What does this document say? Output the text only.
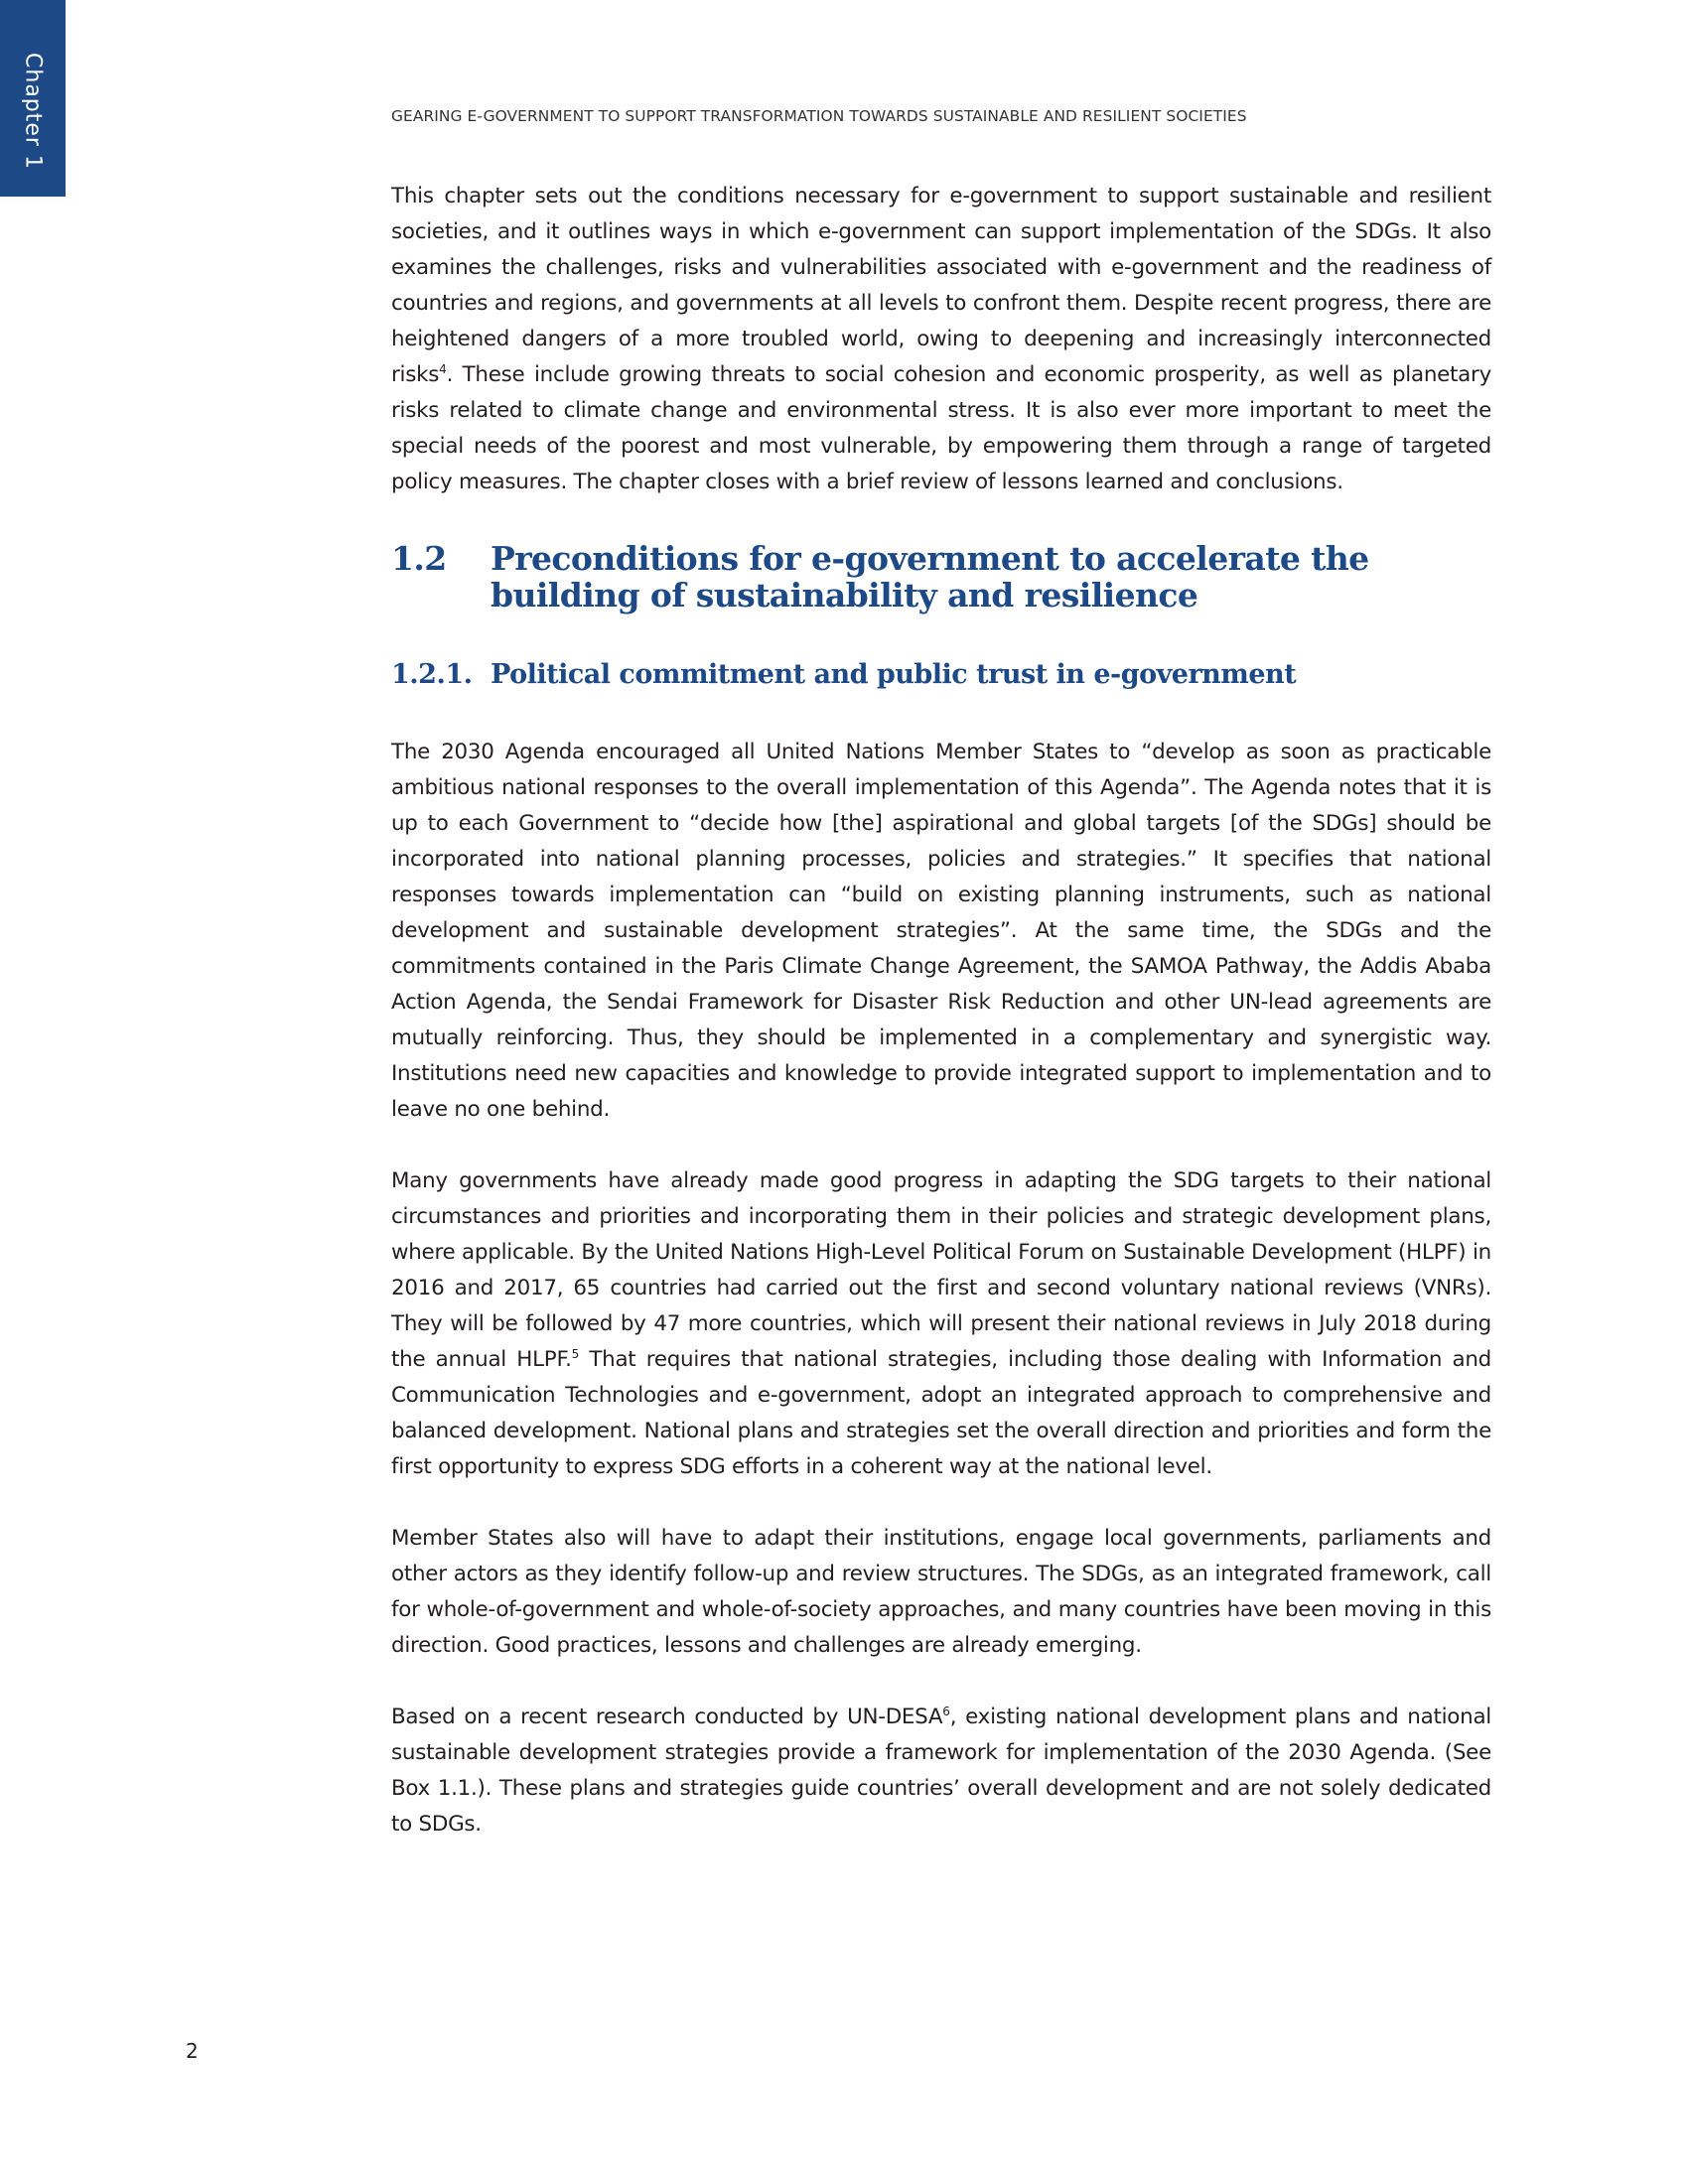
Chapter 1	GEARING E-GOVERNMENT TO SUPPORT TRANSFORMATION TOWARDS SUSTAINABLE AND RESILIENT SOCIETIES

This chapter sets out the conditions necessary for e-government to support sustainable and resilient societies, and it outlines ways in which e-government can support implementation of the SDGs. It also examines the challenges, risks and vulnerabilities associated with e-government and the readiness of countries and regions, and governments at all levels to confront them. Despite recent progress, there are heightened dangers of a more troubled world, owing to deepening and increasingly interconnected risks$^4$. These include growing threats to social cohesion and economic prosperity, as well as planetary risks related to climate change and environmental stress. It is also ever more important to meet the special needs of the poorest and most vulnerable, by empowering them through a range of targeted policy measures. The chapter closes with a brief review of lessons learned and conclusions.

1.2	Preconditions for e-government to accelerate the building of sustainability and resilience
1.2.1. Political commitment and public trust in e-government

The 2030 Agenda encouraged all United Nations Member States to “develop as soon as practicable ambitious national responses to the overall implementation of this Agenda”. The Agenda notes that it is up to each Government to “decide how [the] aspirational and global targets [of the SDGs] should be incorporated into national planning processes, policies and strategies.” It specifies that national responses towards implementation can “build on existing planning instruments, such as national development and sustainable development strategies”. At the same time, the SDGs and the commitments contained in the Paris Climate Change Agreement, the SAMOA Pathway, the Addis Ababa Action Agenda, the Sendai Framework for Disaster Risk Reduction and other UN-lead agreements are mutually reinforcing. Thus, they should be implemented in a complementary and synergistic way. Institutions need new capacities and knowledge to provide integrated support to implementation and to leave no one behind.

Many governments have already made good progress in adapting the SDG targets to their national circumstances and priorities and incorporating them in their policies and strategic development plans, where applicable. By the United Nations High-Level Political Forum on Sustainable Development (HLPF) in 2016 and 2017, 65 countries had carried out the first and second voluntary national reviews (VNRs). They will be followed by 47 more countries, which will present their national reviews in July 2018 during the annual HLPF.$^5$ That requires that national strategies, including those dealing with Information and Communication Technologies and e-government, adopt an integrated approach to comprehensive and balanced development. National plans and strategies set the overall direction and priorities and form the first opportunity to express SDG efforts in a coherent way at the national level.

Member States also will have to adapt their institutions, engage local governments, parliaments and other actors as they identify follow-up and review structures. The SDGs, as an integrated framework, call for whole-of-government and whole-of-society approaches, and many countries have been moving in this direction. Good practices, lessons and challenges are already emerging.

Based on a recent research conducted by UN-DESA$^6$, existing national development plans and national sustainable development strategies provide a framework for implementation of the 2030 Agenda. (See Box 1.1.). These plans and strategies guide countries’ overall development and are not solely dedicated to SDGs.

2
